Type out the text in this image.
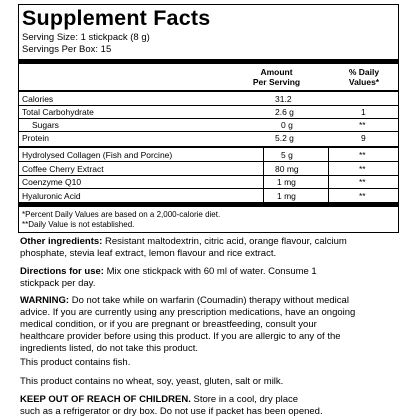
Supplement Facts
Serving Size: 1 stickpack (8 g)
Servings Per Box: 15
Amount
Per Serving
% Daily
Values*
Calories	31.2
Total Carbohydrate	2.6 g	1
Sugars	0 g	**
Protein	5.2 g	9
Hydrolysed Collagen (Fish and Porcine)	5 g	**
Coffee Cherry Extract	80 mg	**
Coenzyme Q10	1 mg	**
Hyaluronic Acid	1 mg	**
*Percent Daily Values are based on a 2,000-calorie diet.
**Daily Value is not established.
Other ingredients: Resistant maltodextrin, citric acid, orange flavour, calcium
phosphate, stevia leaf extract, lemon flavour and rice extract.
Directions for use: Mix one stickpack with 60 ml of water. Consume 1
stickpack per day.
WARNING: Do not take while on warfarin (Coumadin) therapy without medical
advice. If you are currently using any prescription medications, have an ongoing
medical condition, or if you are pregnant or breastfeeding, consult your
healthcare provider before using this product. If you are allergic to any of the
ingredients listed, do not take this product.
This product contains fish.
This product contains no wheat, soy, yeast, gluten, salt or milk.
KEEP OUT OF REACH OF CHILDREN. Store in a cool, dry place
such as a refrigerator or dry box. Do not use if packet has been opened.
